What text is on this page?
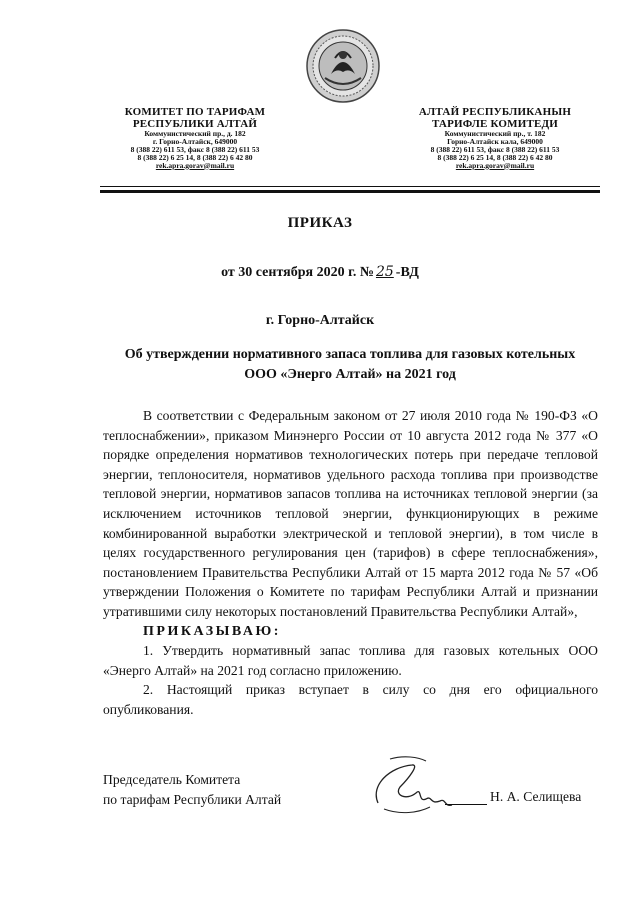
КОМИТЕТ ПО ТАРИФАМ
РЕСПУБЛИКИ АЛТАЙ
Коммунистический пр., д. 182
г. Горно-Алтайск, 649000
8 (388 22) 611 53, факс 8 (388 22) 611 53
8 (388 22) 6 25 14, 8 (388 22) 6 42 80
rek.apra.gorav@mail.ru
АЛТАЙ РЕСПУБЛИКАНЫН
ТАРИФЛЕ КОМИТЕДИ
Коммунистический пр., т. 182
Горно-Алтайск кала, 649000
8 (388 22) 611 53, факс 8 (388 22) 611 53
8 (388 22) 6 25 14, 8 (388 22) 6 42 80
rek.apra.gorav@mail.ru
ПРИКАЗ
от 30 сентября 2020 г. № 25 -ВД
г. Горно-Алтайск
Об утверждении нормативного запаса топлива для газовых котельных
ООО «Энерго Алтай» на 2021 год

В соответствии с Федеральным законом от 27 июля 2010 года № 190-ФЗ «О теплоснабжении», приказом Минэнерго России от 10 августа 2012 года № 377 «О порядке определения нормативов технологических потерь при передаче тепловой энергии, теплоносителя, нормативов удельного расхода топлива при производстве тепловой энергии, нормативов запасов топлива на источниках тепловой энергии (за исключением источников тепловой энергии, функционирующих в режиме комбинированной выработки электрической и тепловой энергии), в том числе в целях государственного регулирования цен (тарифов) в сфере теплоснабжения», постановлением Правительства Республики Алтай от 15 марта 2012 года № 57 «Об утверждении Положения о Комитете по тарифам Республики Алтай и признании утратившими силу некоторых постановлений Правительства Республики Алтай»,

ПРИКАЗЫВАЮ:

1. Утвердить нормативный запас топлива для газовых котельных ООО «Энерго Алтай» на 2021 год согласно приложению.

2. Настоящий приказ вступает в силу со дня его официального опубликования.

Председатель Комитета
по тарифам Республики Алтай	Н. А. Селищева
